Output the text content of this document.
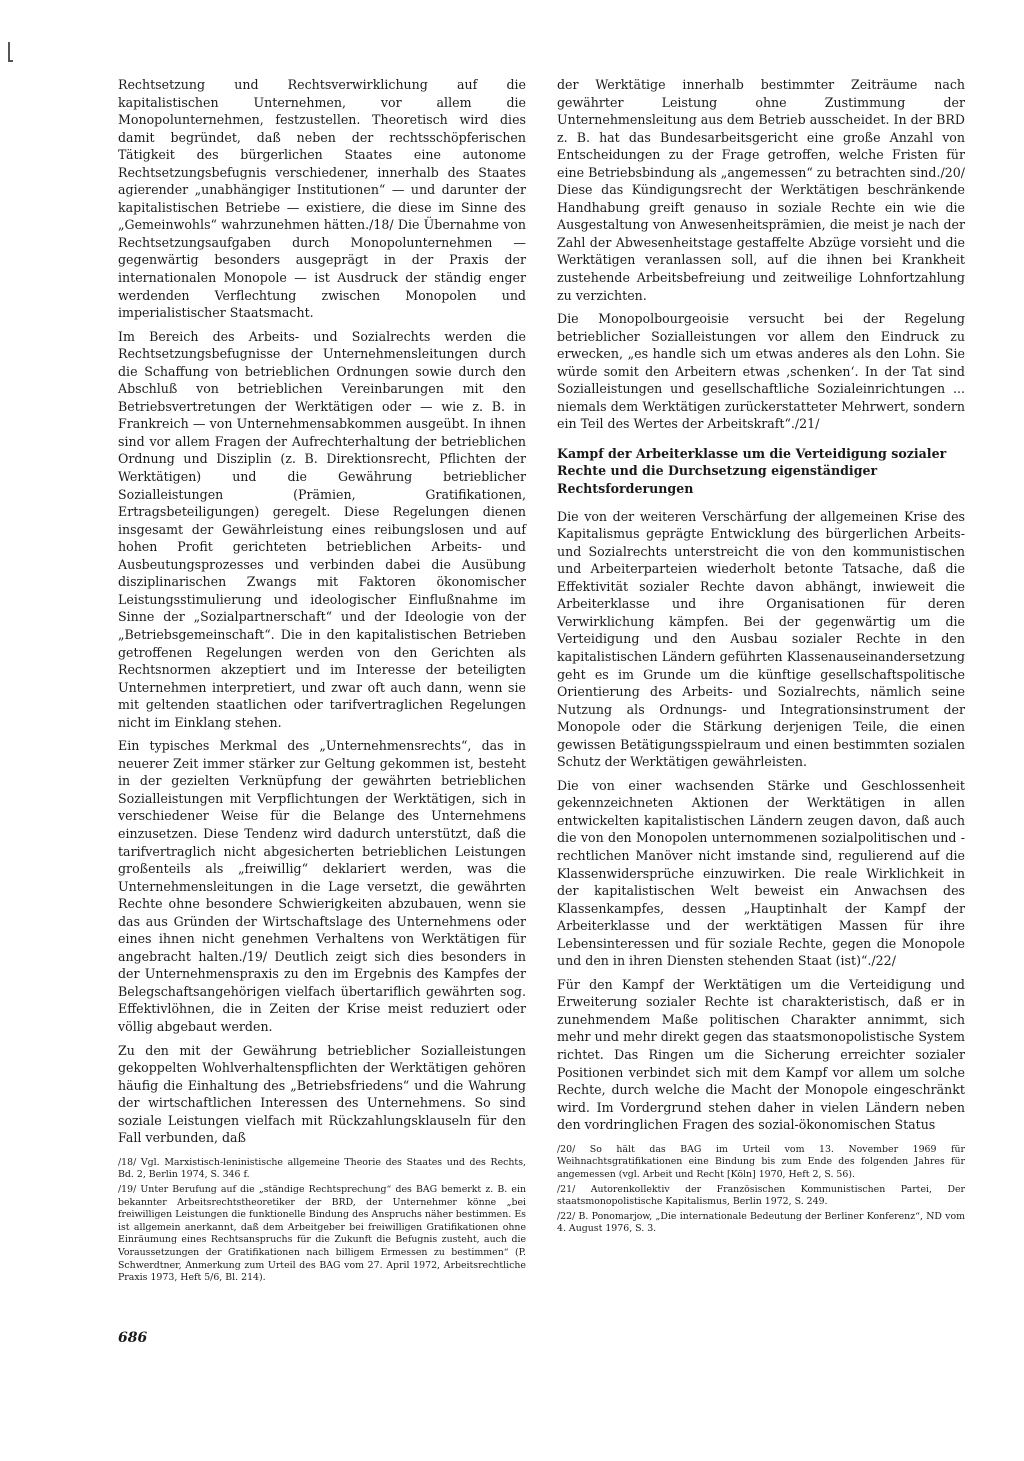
Rechtsetzung und Rechtsverwirklichung auf die kapitalistischen Unternehmen, vor allem die Monopolunternehmen, festzustellen. Theoretisch wird dies damit begründet, daß neben der rechtsschöpferischen Tätigkeit des bürgerlichen Staates eine autonome Rechtsetzungsbefugnis verschiedener, innerhalb des Staates agierender „unabhängiger Institutionen“ — und darunter der kapitalistischen Betriebe — existiere, die diese im Sinne des „Gemeinwohls“ wahrzunehmen hätten./18/ Die Übernahme von Rechtsetzungsaufgaben durch Monopolunternehmen — gegenwärtig besonders ausgeprägt in der Praxis der internationalen Monopole — ist Ausdruck der ständig enger werdenden Verflechtung zwischen Monopolen und imperialistischer Staatsmacht.

Im Bereich des Arbeits- und Sozialrechts werden die Rechtsetzungsbefugnisse der Unternehmensleitungen durch die Schaffung von betrieblichen Ordnungen sowie durch den Abschluß von betrieblichen Vereinbarungen mit den Betriebsvertretungen der Werktätigen oder — wie z. B. in Frankreich — von Unternehmensabkommen ausgeübt. In ihnen sind vor allem Fragen der Aufrechterhaltung der betrieblichen Ordnung und Disziplin (z. B. Direktionsrecht, Pflichten der Werktätigen) und die Gewährung betrieblicher Sozialleistungen (Prämien, Gratifikationen, Ertragsbeteiligungen) geregelt. Diese Regelungen dienen insgesamt der Gewährleistung eines reibungslosen und auf hohen Profit gerichteten betrieblichen Arbeits- und Ausbeutungsprozesses und verbinden dabei die Ausübung disziplinarischen Zwangs mit Faktoren ökonomischer Leistungsstimulierung und ideologischer Einflußnahme im Sinne der „Sozialpartnerschaft“ und der Ideologie von der „Betriebsgemeinschaft“. Die in den kapitalistischen Betrieben getroffenen Regelungen werden von den Gerichten als Rechtsnormen akzeptiert und im Interesse der beteiligten Unternehmen interpretiert, und zwar oft auch dann, wenn sie mit geltenden staatlichen oder tarifvertraglichen Regelungen nicht im Einklang stehen.

Ein typisches Merkmal des „Unternehmensrechts“, das in neuerer Zeit immer stärker zur Geltung gekommen ist, besteht in der gezielten Verknüpfung der gewährten betrieblichen Sozialleistungen mit Verpflichtungen der Werktätigen, sich in verschiedener Weise für die Belange des Unternehmens einzusetzen. Diese Tendenz wird dadurch unterstützt, daß die tarifvertraglich nicht abgesicherten betrieblichen Leistungen großenteils als „freiwillig“ deklariert werden, was die Unternehmensleitungen in die Lage versetzt, die gewährten Rechte ohne besondere Schwierigkeiten abzubauen, wenn sie das aus Gründen der Wirtschaftslage des Unternehmens oder eines ihnen nicht genehmen Verhaltens von Werktätigen für angebracht halten./19/ Deutlich zeigt sich dies besonders in der Unternehmenspraxis zu den im Ergebnis des Kampfes der Belegschaftsangehörigen vielfach übertariflich gewährten sog. Effektivlöhnen, die in Zeiten der Krise meist reduziert oder völlig abgebaut werden.

Zu den mit der Gewährung betrieblicher Sozialleistungen gekoppelten Wohlverhaltenspflichten der Werktätigen gehören häufig die Einhaltung des „Betriebsfriedens“ und die Wahrung der wirtschaftlichen Interessen des Unternehmens. So sind soziale Leistungen vielfach mit Rückzahlungsklauseln für den Fall verbunden, daß

/18/ Vgl. Marxistisch-leninistische allgemeine Theorie des Staates und des Rechts, Bd. 2, Berlin 1974, S. 346 f.

/19/ Unter Berufung auf die „ständige Rechtsprechung“ des BAG bemerkt z. B. ein bekannter Arbeitsrechtstheoretiker der BRD, der Unternehmer könne „bei freiwilligen Leistungen die funktionelle Bindung des Anspruchs näher bestimmen. Es ist allgemein anerkannt, daß dem Arbeitgeber bei freiwilligen Gratifikationen ohne Einräumung eines Rechtsanspruchs für die Zukunft die Befugnis zusteht, auch die Voraussetzungen der Gratifikationen nach billigem Ermessen zu bestimmen“ (P. Schwerdtner, Anmerkung zum Urteil des BAG vom 27. April 1972, Arbeitsrechtliche Praxis 1973, Heft 5/6, Bl. 214).

der Werktätige innerhalb bestimmter Zeiträume nach gewährter Leistung ohne Zustimmung der Unternehmensleitung aus dem Betrieb ausscheidet. In der BRD z. B. hat das Bundesarbeitsgericht eine große Anzahl von Entscheidungen zu der Frage getroffen, welche Fristen für eine Betriebsbindung als „angemessen“ zu betrachten sind./20/ Diese das Kündigungsrecht der Werktätigen beschränkende Handhabung greift genauso in soziale Rechte ein wie die Ausgestaltung von Anwesenheitsprämien, die meist je nach der Zahl der Abwesenheitstage gestaffelte Abzüge vorsieht und die Werktätigen veranlassen soll, auf die ihnen bei Krankheit zustehende Arbeitsbefreiung und zeitweilige Lohnfortzahlung zu verzichten.

Die Monopolbourgeoisie versucht bei der Regelung betrieblicher Sozialleistungen vor allem den Eindruck zu erwecken, „es handle sich um etwas anderes als den Lohn. Sie würde somit den Arbeitern etwas ‚schenken‘. In der Tat sind Sozialleistungen und gesellschaftliche Sozialeinrichtungen ... niemals dem Werktätigen zurückerstatteter Mehrwert, sondern ein Teil des Wertes der Arbeitskraft“./21/

Kampf der Arbeiterklasse um die Verteidigung sozialer Rechte und die Durchsetzung eigenständiger Rechtsforderungen

Die von der weiteren Verschärfung der allgemeinen Krise des Kapitalismus geprägte Entwicklung des bürgerlichen Arbeits- und Sozialrechts unterstreicht die von den kommunistischen und Arbeiterparteien wiederholt betonte Tatsache, daß die Effektivität sozialer Rechte davon abhängt, inwieweit die Arbeiterklasse und ihre Organisationen für deren Verwirklichung kämpfen. Bei der gegenwärtig um die Verteidigung und den Ausbau sozialer Rechte in den kapitalistischen Ländern geführten Klassenauseinandersetzung geht es im Grunde um die künftige gesellschaftspolitische Orientierung des Arbeits- und Sozialrechts, nämlich seine Nutzung als Ordnungs- und Integrationsinstrument der Monopole oder die Stärkung derjenigen Teile, die einen gewissen Betätigungsspielraum und einen bestimmten sozialen Schutz der Werktätigen gewährleisten.

Die von einer wachsenden Stärke und Geschlossenheit gekennzeichneten Aktionen der Werktätigen in allen entwickelten kapitalistischen Ländern zeugen davon, daß auch die von den Monopolen unternommenen sozialpolitischen und -rechtlichen Manöver nicht imstande sind, regulierend auf die Klassenwidersprüche einzuwirken. Die reale Wirklichkeit in der kapitalistischen Welt beweist ein Anwachsen des Klassenkampfes, dessen „Hauptinhalt der Kampf der Arbeiterklasse und der werktätigen Massen für ihre Lebensinteressen und für soziale Rechte, gegen die Monopole und den in ihren Diensten stehenden Staat (ist)“./22/

Für den Kampf der Werktätigen um die Verteidigung und Erweiterung sozialer Rechte ist charakteristisch, daß er in zunehmendem Maße politischen Charakter annimmt, sich mehr und mehr direkt gegen das staatsmonopolistische System richtet. Das Ringen um die Sicherung erreichter sozialer Positionen verbindet sich mit dem Kampf vor allem um solche Rechte, durch welche die Macht der Monopole eingeschränkt wird. Im Vordergrund stehen daher in vielen Ländern neben den vordringlichen Fragen des sozial-ökonomischen Status

/20/ So hält das BAG im Urteil vom 13. November 1969 für Weihnachtsgratifikationen eine Bindung bis zum Ende des folgenden Jahres für angemessen (vgl. Arbeit und Recht [Köln] 1970, Heft 2, S. 56).

/21/ Autorenkollektiv der Französischen Kommunistischen Partei, Der staatsmonopolistische Kapitalismus, Berlin 1972, S. 249.

/22/ B. Ponomarjow, „Die internationale Bedeutung der Berliner Konferenz“, ND vom 4. August 1976, S. 3.

686
